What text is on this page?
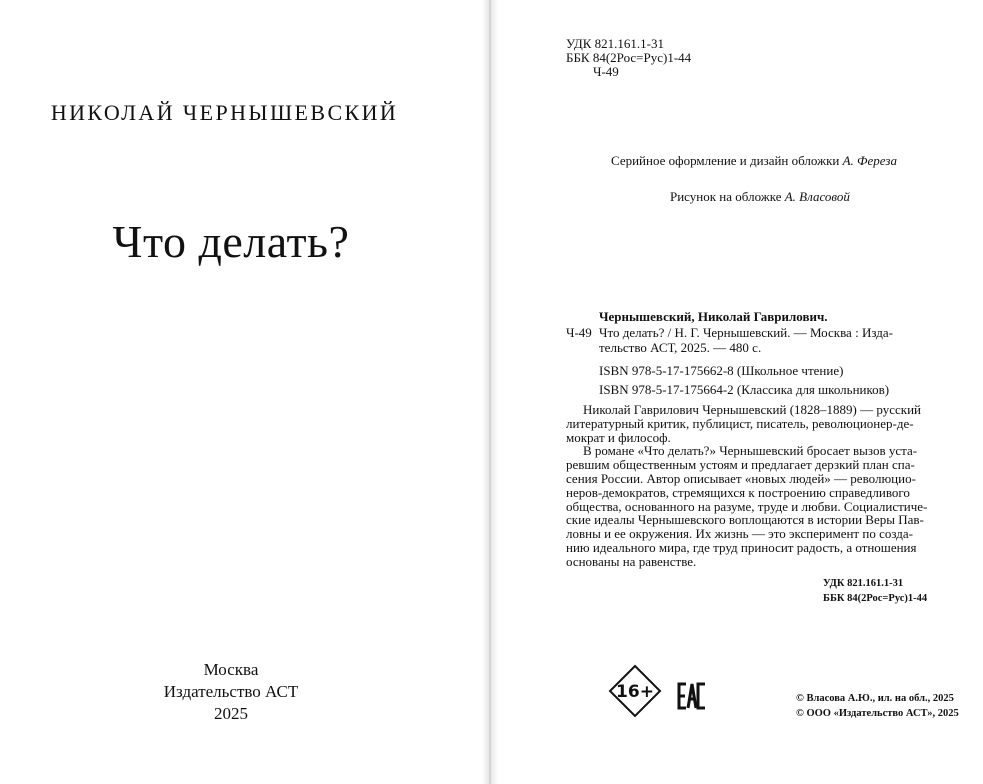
НИКОЛАЙ ЧЕРНЫШЕВСКИЙ
Что делать?
Москва
Издательство АСТ
2025
УДК 821.161.1-31
ББК 84(2Рос=Рус)1-44
Ч-49
Серийное оформление и дизайн обложки А. Фереза
Рисунок на обложке А. Власовой
Чернышевский, Николай Гаврилович.
Ч-49 Что делать? / Н. Г. Чернышевский. — Москва : Изда-
тельство АСТ, 2025. — 480 с.
ISBN 978-5-17-175662-8 (Школьное чтение)
ISBN 978-5-17-175664-2 (Классика для школьников)
Николай Гаврилович Чернышевский (1828–1889) — русский
литературный критик, публицист, писатель, революционер-де-
мократ и философ.
В романе «Что делать?» Чернышевский бросает вызов уста-
ревшим общественным устоям и предлагает дерзкий план спа-
сения России. Автор описывает «новых людей» — революцио-
неров-демократов, стремящихся к построению справедливого
общества, основанного на разуме, труде и любви. Социалистиче-
ские идеалы Чернышевского воплощаются в истории Веры Пав-
ловны и ее окружения. Их жизнь — это эксперимент по созда-
нию идеального мира, где труд приносит радость, а отношения
основаны на равенстве.
УДК 821.161.1-31
ББК 84(2Рос=Рус)1-44
16+	© Власова А.Ю., ил. на обл., 2025
© ООО «Издательство АСТ», 2025
